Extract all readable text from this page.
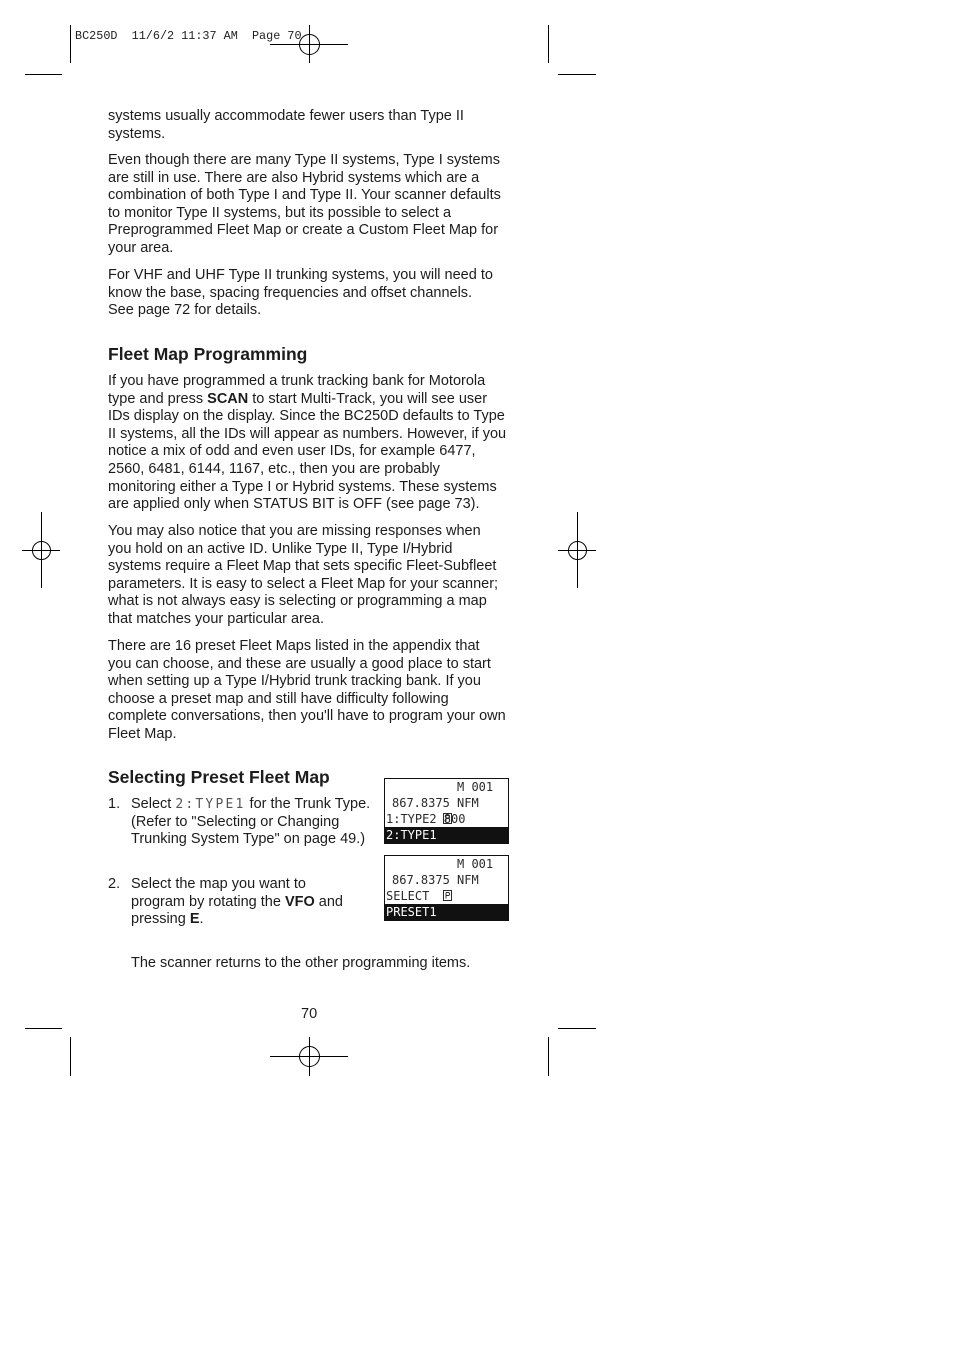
BC250D  11/6/2 11:37 AM  Page 70
systems usually accommodate fewer users than Type II
systems.
Even though there are many Type II systems, Type I systems
are still in use. There are also Hybrid systems which are a
combination of both Type I and Type II. Your scanner defaults
to monitor Type II systems, but its possible to select a
Preprogrammed Fleet Map or create a Custom Fleet Map for
your area.
For VHF and UHF Type II trunking systems, you will need to
know the base, spacing frequencies and offset channels.
See page 72 for details.
Fleet Map Programming
If you have programmed a trunk tracking bank for Motorola
type and press SCAN to start Multi-Track, you will see user
IDs display on the display. Since the BC250D defaults to Type
II systems, all the IDs will appear as numbers. However, if you
notice a mix of odd and even user IDs, for example 6477,
2560, 6481, 6144, 1167, etc., then you are probably
monitoring either a Type I or Hybrid systems. These systems
are applied only when STATUS BIT is OFF (see page 73).
You may also notice that you are missing responses when
you hold on an active ID. Unlike Type II, Type I/Hybrid
systems require a Fleet Map that sets specific Fleet-Subfleet
parameters. It is easy to select a Fleet Map for your scanner;
what is not always easy is selecting or programming a map
that matches your particular area.
There are 16 preset Fleet Maps listed in the appendix that
you can choose, and these are usually a good place to start
when setting up a Type I/Hybrid trunk tracking bank. If you
choose a preset map and still have difficulty following
complete conversations, then you'll have to program your own
Fleet Map.
Selecting Preset Fleet Map
1. Select 2:TYPE1 for the Trunk Type.
(Refer to "Selecting or Changing
Trunking System Type" on page 49.)
2. Select the map you want to
program by rotating the VFO and
pressing E.

M 001

867.8375 NFM
1:TYPE2 800
2:TYPE1

M 001

867.8375 NFM
SELECT
PRESET1
The scanner returns to the other programming items.
70
